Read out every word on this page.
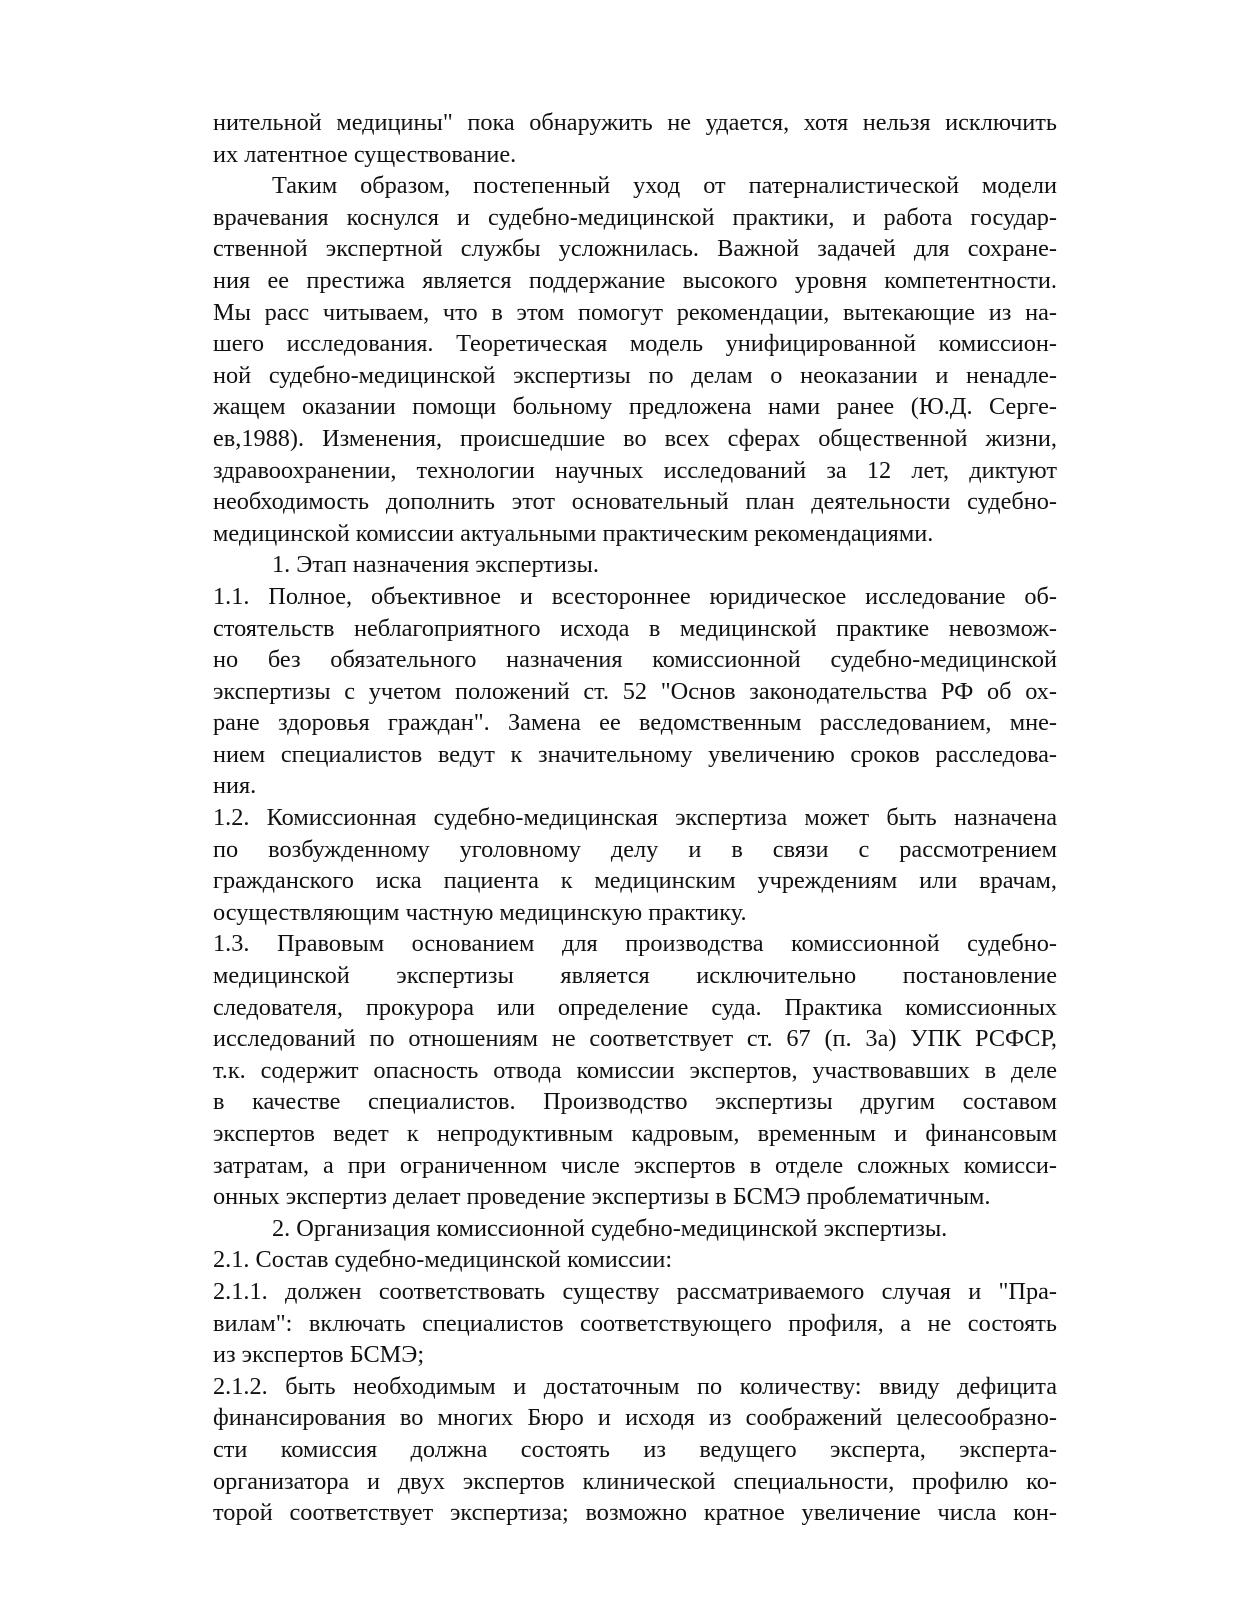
нительной медицины" пока обнаружить не удается, хотя нельзя исключить
их латентное существование.
Таким образом, постепенный уход от патерналистической модели
врачевания коснулся и судебно-медицинской практики, и работа государ-
ственной экспертной службы усложнилась. Важной задачей для сохране-
ния ее престижа является поддержание высокого уровня компетентности.
Мы расс читываем, что в этом помогут рекомендации, вытекающие из на-
шего исследования. Теоретическая модель унифицированной комиссион-
ной судебно-медицинской экспертизы по делам о неоказании и ненадле-
жащем оказании помощи больному предложена нами ранее (Ю.Д. Серге-
ев,1988). Изменения, происшедшие во всех сферах общественной жизни,
здравоохранении, технологии научных исследований за 12 лет, диктуют
необходимость дополнить этот основательный план деятельности судебно-
медицинской комиссии актуальными практическим рекомендациями.
1. Этап назначения экспертизы.
1.1. Полное, объективное и всестороннее юридическое исследование об-
стоятельств неблагоприятного исхода в медицинской практике невозмож-
но без обязательного назначения комиссионной судебно-медицинской
экспертизы с учетом положений ст. 52 "Основ законодательства РФ об ох-
ране здоровья граждан". Замена ее ведомственным расследованием, мне-
нием специалистов ведут к значительному увеличению сроков расследова-
ния.
1.2. Комиссионная судебно-медицинская экспертиза может быть назначена
по возбужденному уголовному делу и в связи с рассмотрением
гражданского иска пациента к медицинским учреждениям или врачам,
осуществляющим частную медицинскую практику.
1.3. Правовым основанием для производства комиссионной судебно-
медицинской экспертизы является исключительно постановление
следователя, прокурора или определение суда. Практика комиссионных
исследований по отношениям не соответствует ст. 67 (п. 3а) УПК РСФСР,
т.к. содержит опасность отвода комиссии экспертов, участвовавших в деле
в качестве специалистов. Производство экспертизы другим составом
экспертов ведет к непродуктивным кадровым, временным и финансовым
затратам, а при ограниченном числе экспертов в отделе сложных комисси-
онных экспертиз делает проведение экспертизы в БСМЭ проблематичным.
2. Организация комиссионной судебно-медицинской экспертизы.
2.1. Состав судебно-медицинской комиссии:
2.1.1. должен соответствовать существу рассматриваемого случая и "Пра-
вилам": включать специалистов соответствующего профиля, а не состоять
из экспертов БСМЭ;
2.1.2. быть необходимым и достаточным по количеству: ввиду дефицита
финансирования во многих Бюро и исходя из соображений целесообразно-
сти комиссия должна состоять из ведущего эксперта, эксперта-
организатора и двух экспертов клинической специальности, профилю ко-
торой соответствует экспертиза; возможно кратное увеличение числа кон-
